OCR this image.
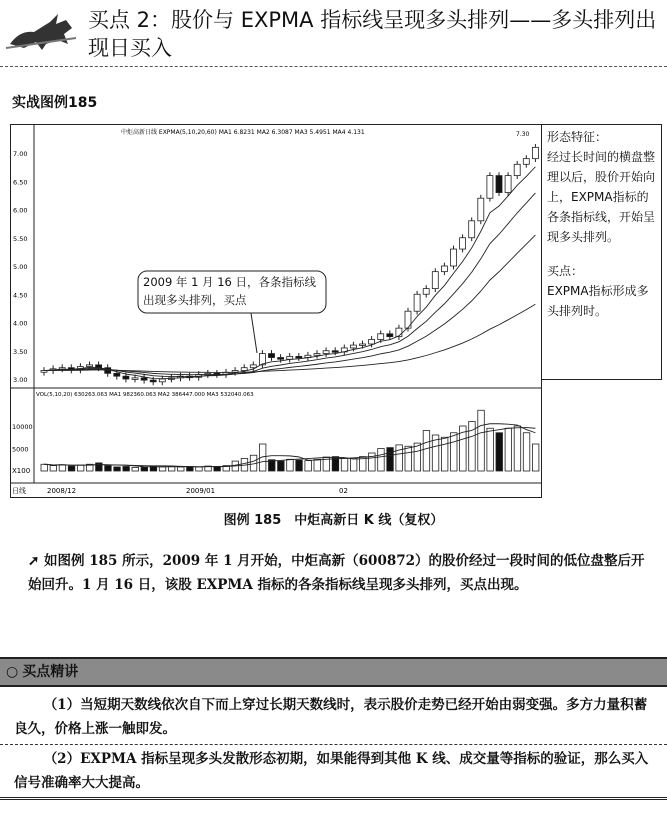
买点 2：股价与 EXPMA 指标线呈现多头排列——多头排列出现日买入
实战图例185
中炬高新日线 EXPMA(5,10,20,60) MA1 6.8231 MA2 6.3087 MA3 5.4951 MA4 4.131	7.30
VOL(5,10,20) 630263.063 MA1 982360.063 MA2 386447.000 MA3 532040.063
7.00
6.50
6.00
5.50
5.00
4.50
4.00
3.50
3.00
10000
5000
2008/12	2009/01	02
X100
日线
2009 年 1 月 16 日，各条指标线出现多头排列，买点
形态特征：
经过长时间的横盘整理以后，股价开始向上，EXPMA指标的各条指标线，开始呈现多头排列。
买点：
EXPMA指标形成多头排列时。
图例 185　中炬高新日 K 线（复权）
➚ 如图例 185 所示，2009 年 1 月开始，中炬高新（600872）的股价经过一段时间的低位盘整后开始回升。1 月 16 日，该股 EXPMA 指标的各条指标线呈现多头排列，买点出现。
○ 买点精讲
（1）当短期天数线依次自下而上穿过长期天数线时，表示股价走势已经开始由弱变强。多方力量积蓄良久，价格上涨一触即发。
（2）EXPMA 指标呈现多头发散形态初期，如果能得到其他 K 线、成交量等指标的验证，那么买入信号准确率大大提高。
